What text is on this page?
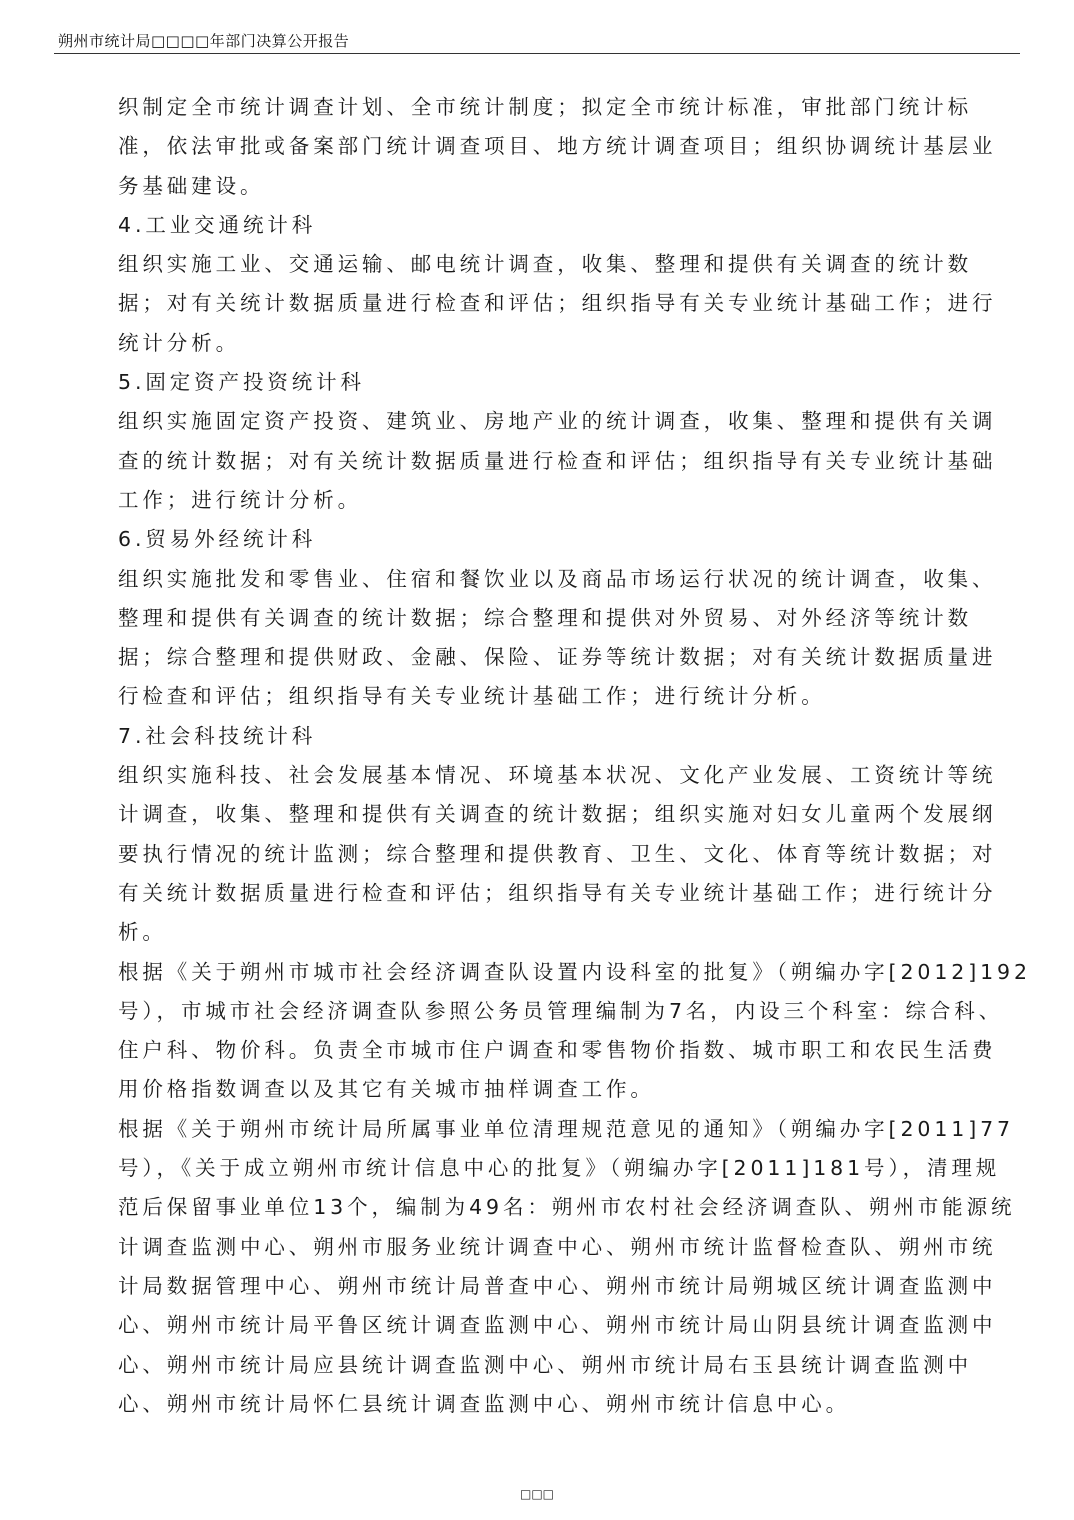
朔州市统计局□□□□年部门决算公开报告
织制定全市统计调查计划、全市统计制度；拟定全市统计标准，审批部门统计标
准，依法审批或备案部门统计调查项目、地方统计调查项目；组织协调统计基层业
务基础建设。
4.工业交通统计科
组织实施工业、交通运输、邮电统计调查，收集、整理和提供有关调查的统计数
据；对有关统计数据质量进行检查和评估；组织指导有关专业统计基础工作；进行
统计分析。
5.固定资产投资统计科
组织实施固定资产投资、建筑业、房地产业的统计调查，收集、整理和提供有关调
查的统计数据；对有关统计数据质量进行检查和评估；组织指导有关专业统计基础
工作；进行统计分析。
6.贸易外经统计科
组织实施批发和零售业、住宿和餐饮业以及商品市场运行状况的统计调查，收集、
整理和提供有关调查的统计数据；综合整理和提供对外贸易、对外经济等统计数
据；综合整理和提供财政、金融、保险、证券等统计数据；对有关统计数据质量进
行检查和评估；组织指导有关专业统计基础工作；进行统计分析。
7.社会科技统计科
组织实施科技、社会发展基本情况、环境基本状况、文化产业发展、工资统计等统
计调查，收集、整理和提供有关调查的统计数据；组织实施对妇女儿童两个发展纲
要执行情况的统计监测；综合整理和提供教育、卫生、文化、体育等统计数据；对
有关统计数据质量进行检查和评估；组织指导有关专业统计基础工作；进行统计分
析。
根据《关于朔州市城市社会经济调查队设置内设科室的批复》（朔编办字[2012]192
号），市城市社会经济调查队参照公务员管理编制为7名，内设三个科室：综合科、
住户科、物价科。负责全市城市住户调查和零售物价指数、城市职工和农民生活费
用价格指数调查以及其它有关城市抽样调查工作。
根据《关于朔州市统计局所属事业单位清理规范意见的通知》（朔编办字[2011]77
号），《关于成立朔州市统计信息中心的批复》（朔编办字[2011]181号），清理规
范后保留事业单位13个，编制为49名：朔州市农村社会经济调查队、朔州市能源统
计调查监测中心、朔州市服务业统计调查中心、朔州市统计监督检查队、朔州市统
计局数据管理中心、朔州市统计局普查中心、朔州市统计局朔城区统计调查监测中
心、朔州市统计局平鲁区统计调查监测中心、朔州市统计局山阴县统计调查监测中
心、朔州市统计局应县统计调查监测中心、朔州市统计局右玉县统计调查监测中
心、朔州市统计局怀仁县统计调查监测中心、朔州市统计信息中心。
□□□
